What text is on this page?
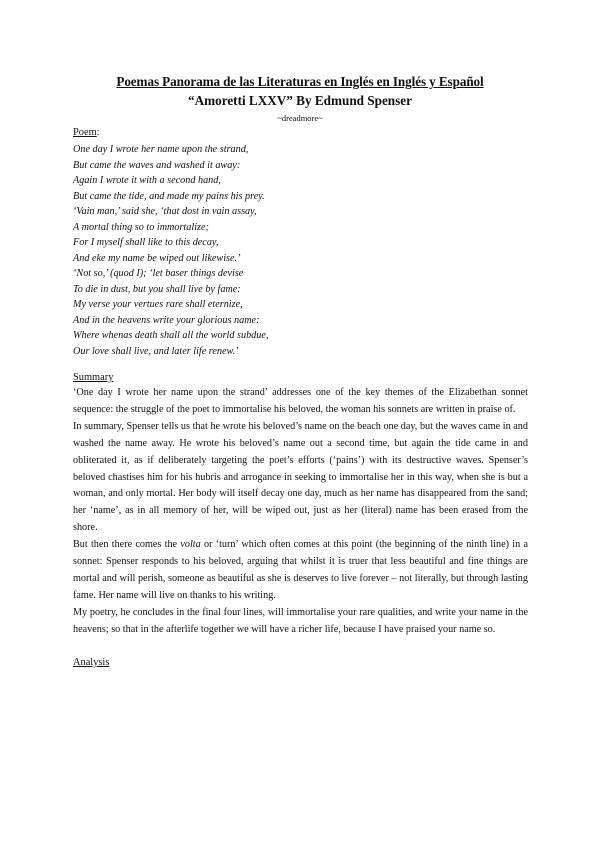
Poemas Panorama de las Literaturas en Inglés en Inglés y Español
“Amoretti LXXV” By Edmund Spenser
~dreadmore~
Poem:
One day I wrote her name upon the strand,
But came the waves and washed it away:
Again I wrote it with a second hand,
But came the tide, and made my pains his prey.
‘Vain man,’ said she, ‘that dost in vain assay,
A mortal thing so to immortalize;
For I myself shall like to this decay,
And eke my name be wiped out likewise.’
‘Not so,’ (quod I); ‘let baser things devise
To die in dust, but you shall live by fame:
My verse your vertues rare shall eternize,
And in the heavens write your glorious name:
Where whenas death shall all the world subdue,
Our love shall live, and later life renew.’
Summary

‘One day I wrote her name upon the strand’ addresses one of the key themes of the Elizabethan sonnet sequence: the struggle of the poet to immortalise his beloved, the woman his sonnets are written in praise of.

In summary, Spenser tells us that he wrote his beloved’s name on the beach one day, but the waves came in and washed the name away. He wrote his beloved’s name out a second time, but again the tide came in and obliterated it, as if deliberately targeting the poet’s efforts (‘pains’) with its destructive waves. Spenser’s beloved chastises him for his hubris and arrogance in seeking to immortalise her in this way, when she is but a woman, and only mortal. Her body will itself decay one day, much as her name has disappeared from the sand; her ‘name’, as in all memory of her, will be wiped out, just as her (literal) name has been erased from the shore.

But then there comes the volta or ‘turn’ which often comes at this point (the beginning of the ninth line) in a sonnet: Spenser responds to his beloved, arguing that whilst it is truer that less beautiful and fine things are mortal and will perish, someone as beautiful as she is deserves to live forever – not literally, but through lasting fame. Her name will live on thanks to his writing.

My poetry, he concludes in the final four lines, will immortalise your rare qualities, and write your name in the heavens; so that in the afterlife together we will have a richer life, because I have praised your name so.

Analysis
